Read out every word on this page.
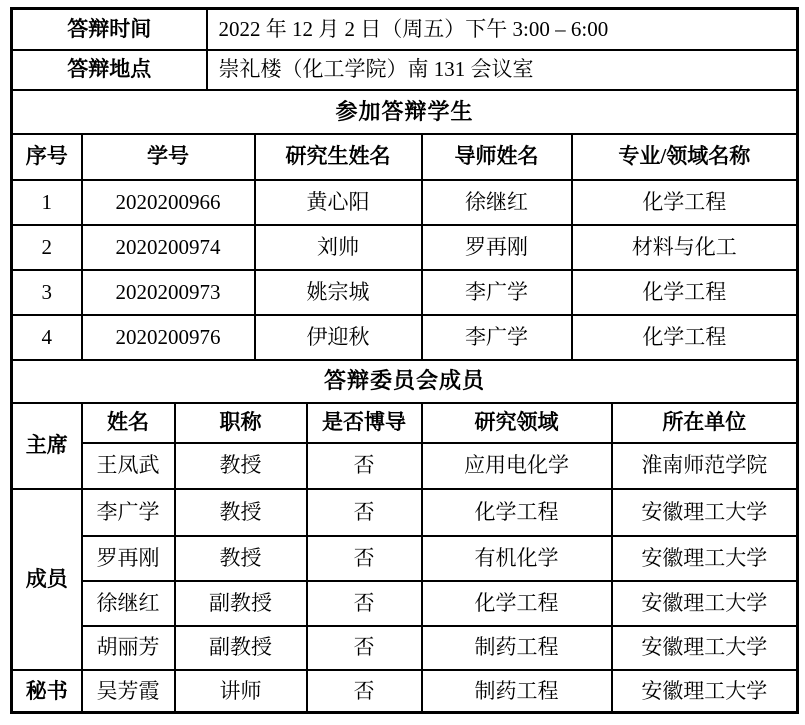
答辩时间			2022 年 12 月 2 日（周五）下午 3:00 – 6:00					
答辩地点			崇礼楼（化工学院）南 131 会议室					
参加答辩学生								
序号	学号			研究生姓名		导师姓名	专业/领域名称	
1	2020200966			黄心阳		徐继红	化学工程	
2	2020200974			刘帅		罗再刚	材料与化工	
3	2020200973			姚宗城		李广学	化学工程	
4	2020200976			伊迎秋		李广学	化学工程	
答辩委员会成员								
主席	姓名	职称			是否博导	研究领域		所在单位
	王凤武	教授			否	应用电化学		淮南师范学院
成员	李广学	教授			否	化学工程		安徽理工大学
	罗再刚	教授			否	有机化学		安徽理工大学
	徐继红	副教授			否	化学工程		安徽理工大学
	胡丽芳	副教授			否	制药工程		安徽理工大学
秘书	吴芳霞	讲师			否	制药工程		安徽理工大学
